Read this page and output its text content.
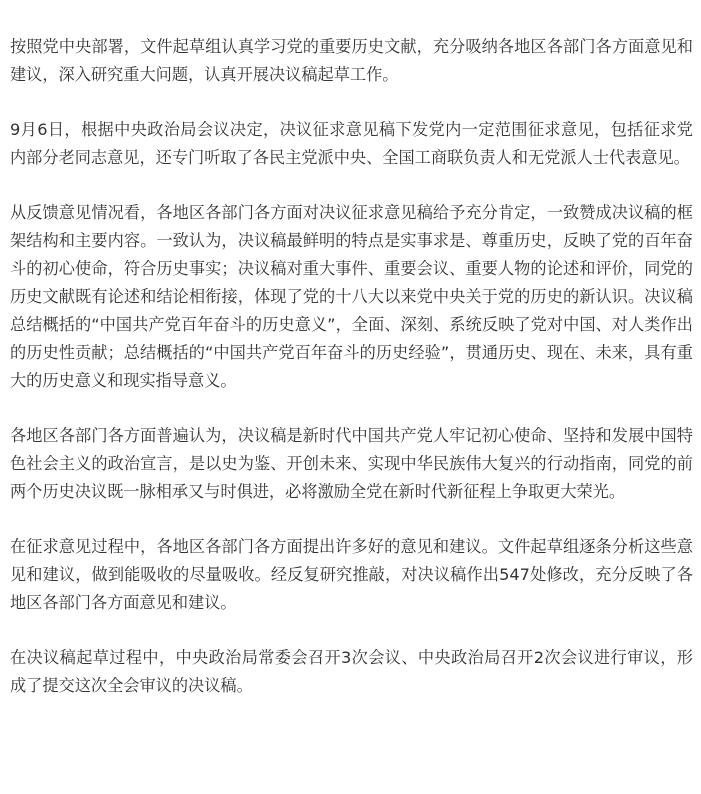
按照党中央部署，文件起草组认真学习党的重要历史文献，充分吸纳各地区各部门各方面意见和建议，深入研究重大问题，认真开展决议稿起草工作。

9月6日，根据中央政治局会议决定，决议征求意见稿下发党内一定范围征求意见，包括征求党内部分老同志意见，还专门听取了各民主党派中央、全国工商联负责人和无党派人士代表意见。

从反馈意见情况看，各地区各部门各方面对决议征求意见稿给予充分肯定，一致赞成决议稿的框架结构和主要内容。一致认为，决议稿最鲜明的特点是实事求是、尊重历史，反映了党的百年奋斗的初心使命，符合历史事实；决议稿对重大事件、重要会议、重要人物的论述和评价，同党的历史文献既有论述和结论相衔接，体现了党的十八大以来党中央关于党的历史的新认识。决议稿总结概括的“中国共产党百年奋斗的历史意义”，全面、深刻、系统反映了党对中国、对人类作出的历史性贡献；总结概括的“中国共产党百年奋斗的历史经验”，贯通历史、现在、未来，具有重大的历史意义和现实指导意义。

各地区各部门各方面普遍认为，决议稿是新时代中国共产党人牢记初心使命、坚持和发展中国特色社会主义的政治宣言，是以史为鉴、开创未来、实现中华民族伟大复兴的行动指南，同党的前两个历史决议既一脉相承又与时俱进，必将激励全党在新时代新征程上争取更大荣光。

在征求意见过程中，各地区各部门各方面提出许多好的意见和建议。文件起草组逐条分析这些意见和建议，做到能吸收的尽量吸收。经反复研究推敲，对决议稿作出547处修改，充分反映了各地区各部门各方面意见和建议。

在决议稿起草过程中，中央政治局常委会召开3次会议、中央政治局召开2次会议进行审议，形成了提交这次全会审议的决议稿。
